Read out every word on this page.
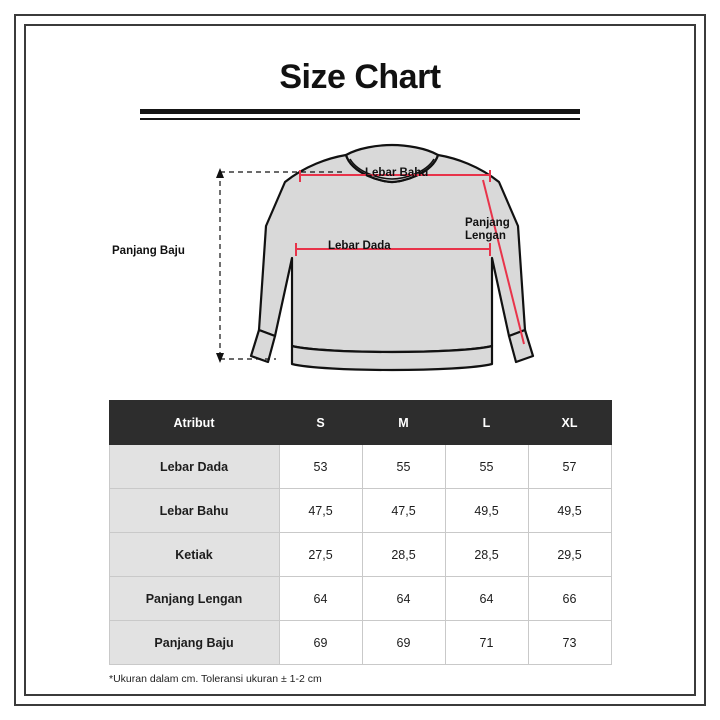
Size Chart
Panjang Baju
Lebar Bahu
Lebar Dada
Panjang
Lengan
Atribut	S	M	L	XL
Lebar Dada	53	55	55	57
Lebar Bahu	47,5	47,5	49,5	49,5
Ketiak	27,5	28,5	28,5	29,5
Panjang Lengan	64	64	64	66
Panjang Baju	69	69	71	73
*Ukuran dalam cm. Toleransi ukuran ± 1-2 cm
